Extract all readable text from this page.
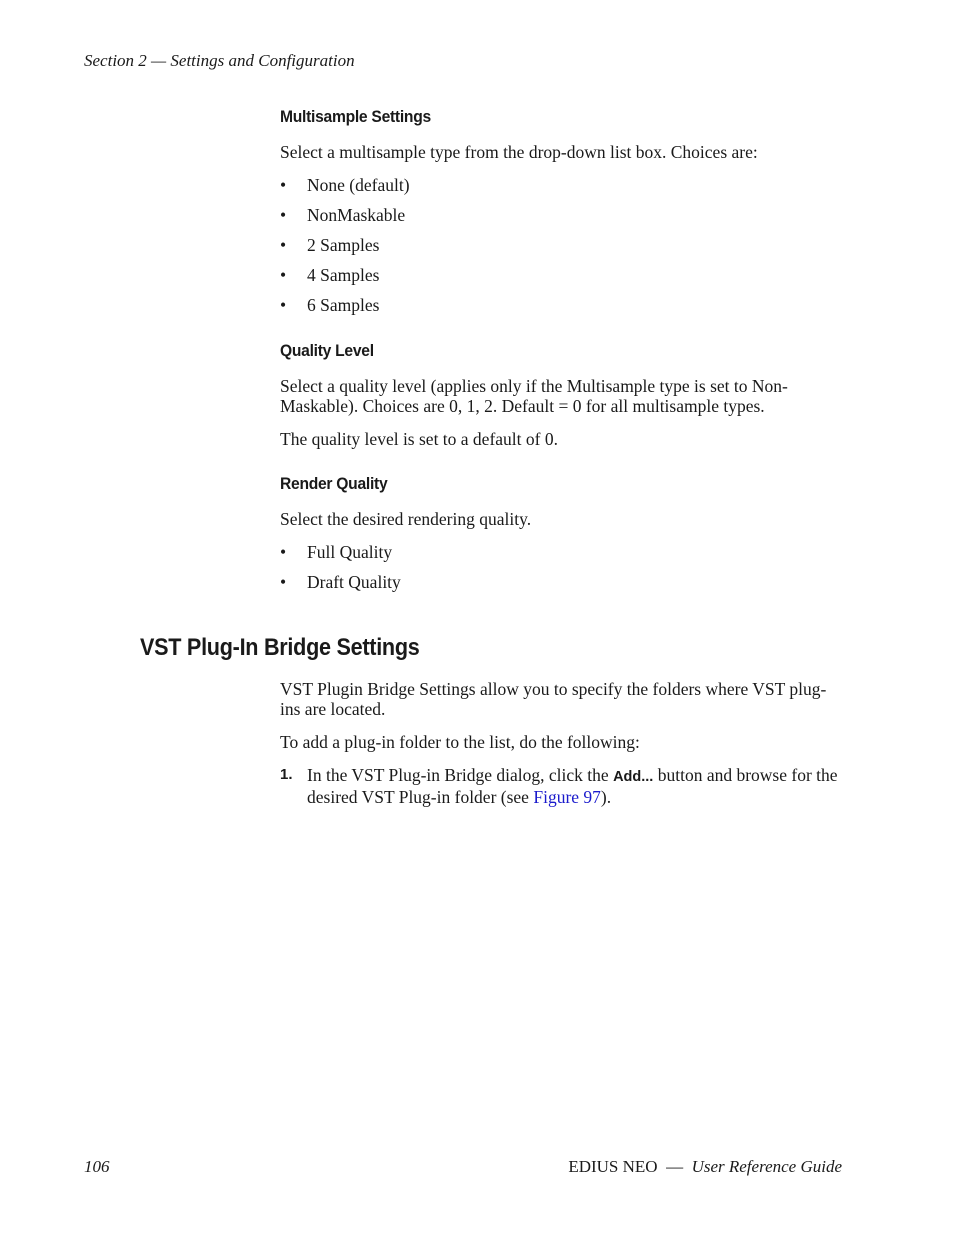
Section 2 — Settings and Configuration
Multisample Settings

Select a multisample type from the drop-down list box. Choices are:

• None (default)
• NonMaskable
• 2 Samples
• 4 Samples
• 6 Samples
Quality Level

Select a quality level (applies only if the Multisample type is set to Non-Maskable). Choices are 0, 1, 2. Default = 0 for all multisample types.

The quality level is set to a default of 0.

Render Quality

Select the desired rendering quality.

• Full Quality
• Draft Quality
VST Plug-In Bridge Settings

VST Plugin Bridge Settings allow you to specify the folders where VST plug-ins are located.

To add a plug-in folder to the list, do the following:

1. In the VST Plug-in Bridge dialog, click the Add... button and browse for the desired VST Plug-in folder (see Figure 97).
106	EDIUS NEO — User Reference Guide
